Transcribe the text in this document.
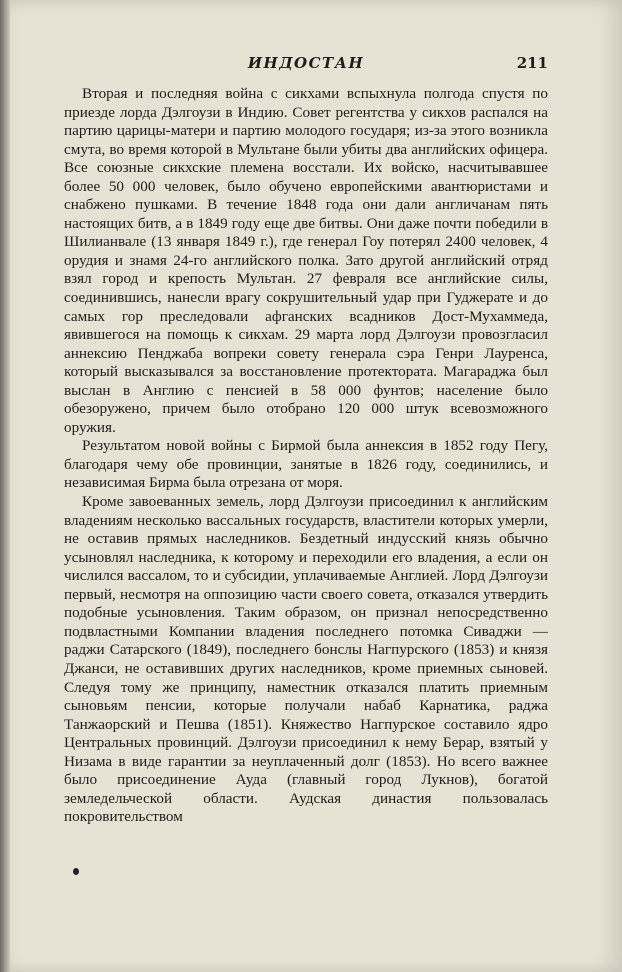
ИНДОСТАН	211

Вторая и последняя война с сикхами вспыхнула полгода спустя по приезде лорда Дэлгоузи в Индию. Совет регентства у сикхов распался на партию царицы-матери и партию молодого государя; из-за этого возникла смута, во время которой в Мультане были убиты два английских офицера. Все союзные сикхские племена восстали. Их войско, насчитывавшее более 50 000 человек, было обучено европейскими авантюристами и снабжено пушками. В течение 1848 года они дали англичанам пять настоящих битв, а в 1849 году еще две битвы. Они даже почти победили в Шилианвале (13 января 1849 г.), где генерал Гоу потерял 2400 человек, 4 орудия и знамя 24-го английского полка. Зато другой английский отряд взял город и крепость Мультан. 27 февраля все английские силы, соединившись, нанесли врагу сокрушительный удар при Гуджерате и до самых гор преследовали афганских всадников Дост-Мухаммеда, явившегося на помощь к сикхам. 29 марта лорд Дэлгоузи провозгласил аннексию Пенджаба вопреки совету генерала сэра Генри Лауренса, который высказывался за восстановление протектората. Магараджа был выслан в Англию с пенсией в 58 000 фунтов; население было обезоружено, причем было отобрано 120 000 штук всевозможного оружия.

Результатом новой войны с Бирмой была аннексия в 1852 году Пегу, благодаря чему обе провинции, занятые в 1826 году, соединились, и независимая Бирма была отрезана от моря.

Кроме завоеванных земель, лорд Дэлгоузи присоединил к английским владениям несколько вассальных государств, властители которых умерли, не оставив прямых наследников. Бездетный индусский князь обычно усыновлял наследника, к которому и переходили его владения, а если он числился вассалом, то и субсидии, уплачиваемые Англией. Лорд Дэлгоузи первый, несмотря на оппозицию части своего совета, отказался утвердить подобные усыновления. Таким образом, он признал непосредственно подвластными Компании владения последнего потомка Сиваджи — раджи Сатарского (1849), последнего бонслы Нагпурского (1853) и князя Джанси, не оставивших других наследников, кроме приемных сыновей. Следуя тому же принципу, наместник отказался платить приемным сыновьям пенсии, которые получали набаб Карнатика, раджа Танжаорский и Пешва (1851). Княжество Нагпурское составило ядро Центральных провинций. Дэлгоузи присоединил к нему Берар, взятый у Низама в виде гарантии за неуплаченный долг (1853). Но всего важнее было присоединение Ауда (главный город Лукнов), богатой земледельческой области. Аудская династия пользовалась покровительством
